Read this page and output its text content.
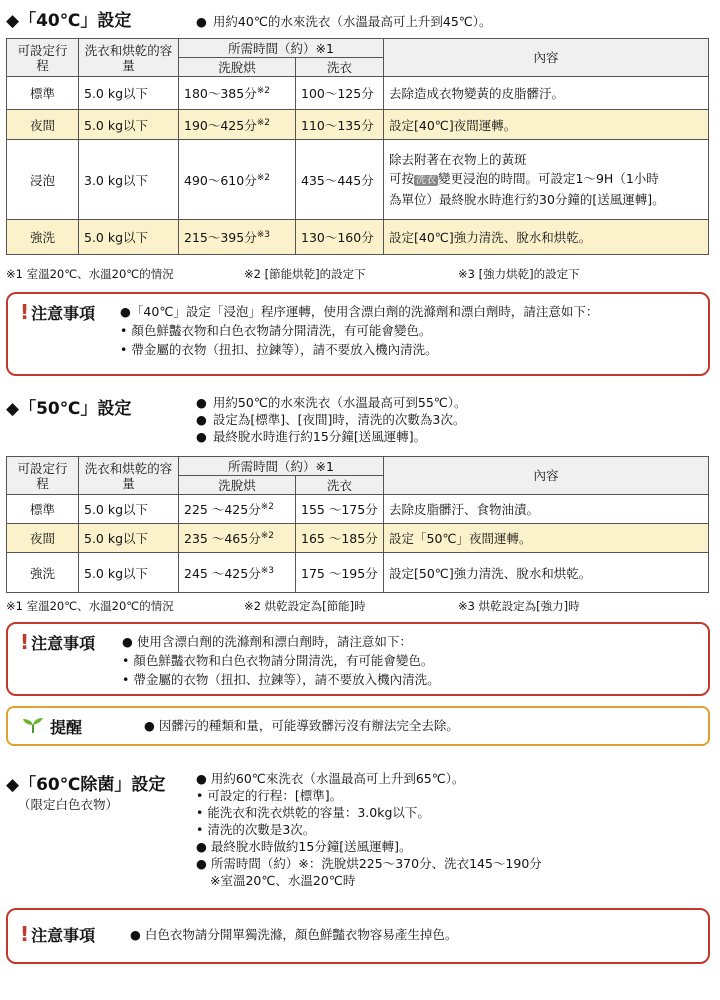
◆「40℃」設定	● 用約40℃的水來洗衣（水溫最高可上升到45℃）。
可設定行程	洗衣和烘乾的容量	所需時間（約）※1		內容
		洗脫烘	洗衣	
標準	5.0 kg以下	180～385分$^{※2}$	100～125分	去除造成衣物變黃的皮脂髒汙。
夜間	5.0 kg以下	190～425分$^{※2}$	110～135分	設定[40℃]夜間運轉。
浸泡	3.0 kg以下	490～610分$^{※2}$	435～445分	除去附著在衣物上的黃斑
可按 洗衣 變更浸泡的時間。可設定1～9H（1小時
為單位）最終脫水時進行約30分鐘的[送風運轉]。

強洗	5.0 kg以下	215～395分$^{※3}$	130～160分	設定[40℃]強力清洗、脫水和烘乾。
※1 室溫20℃、水溫20℃的情況	※2 [節能烘乾]的設定下	※3 [強力烘乾]的設定下
! 注意事項 ●「40℃」設定「浸泡」程序運轉，使用含漂白劑的洗滌劑和漂白劑時，請注意如下：
• 顏色鮮豔衣物和白色衣物請分開清洗，有可能會變色。
• 帶金屬的衣物（扭扣、拉鍊等），請不要放入機內清洗。
◆「50℃」設定	● 用約50℃的水來洗衣（水溫最高可到55℃）。
● 設定為[標準]、[夜間]時，清洗的次數為3次。
● 最終脫水時進行約15分鐘[送風運轉]。
可設定行程	洗衣和烘乾的容量	所需時間（約）※1		內容
		洗脫烘	洗衣	
標準	5.0 kg以下	225 ～425分$^{※2}$	155 ～175分	去除皮脂髒汙、食物油漬。
夜間	5.0 kg以下	235 ～465分$^{※2}$	165 ～185分	設定「50℃」夜間運轉。
強洗	5.0 kg以下	245 ～425分$^{※3}$	175 ～195分	設定[50℃]強力清洗、脫水和烘乾。
※1 室溫20℃、水溫20℃的情況	※2 烘乾設定為[節能]時	※3 烘乾設定為[強力]時
! 注意事項 ● 使用含漂白劑的洗滌劑和漂白劑時，請注意如下：
• 顏色鮮豔衣物和白色衣物請分開清洗，有可能會變色。
• 帶金屬的衣物（扭扣、拉鍊等），請不要放入機內清洗。
提醒	● 因髒污的種類和量，可能導致髒污沒有辦法完全去除。
◆「60℃除菌」設定
（限定白色衣物）
● 用約60℃來洗衣（水溫最高可上升到65℃）。
• 可設定的行程：[標準]。
• 能洗衣和洗衣烘乾的容量：3.0kg以下。
• 清洗的次數是3次。
● 最終脫水時做約15分鐘[送風運轉]。
● 所需時間（約）※：洗脫烘225～370分、洗衣145～190分
※室溫20℃、水溫20℃時
! 注意事項	● 白色衣物請分開單獨洗滌，顏色鮮豔衣物容易產生掉色。
